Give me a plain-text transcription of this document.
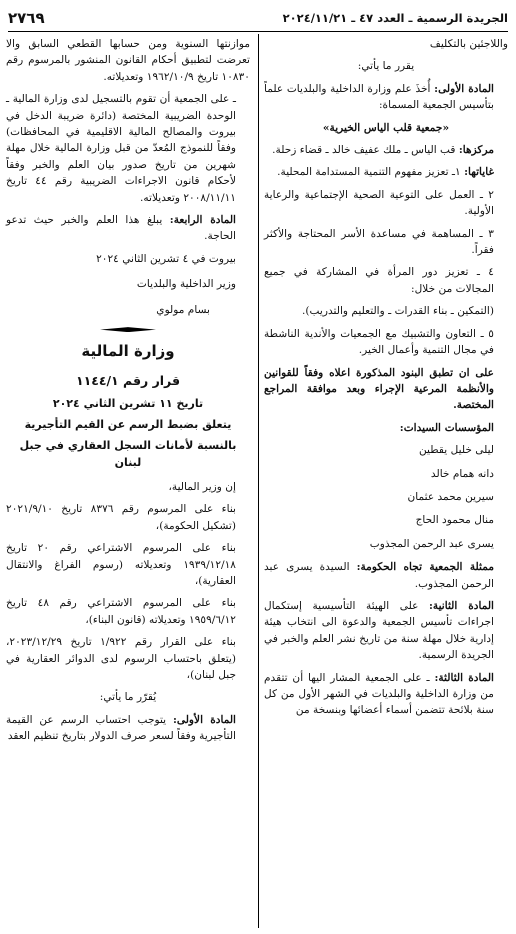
الجريدة الرسمية ـ العدد ٤٧ ـ ٢٠٢٤/١١/٢١
٢٧٦٩

واللاجئين بالتكليف

يقرر ما يأتي:

المادة الأولى: أُخذَ علم وزارة الداخلية والبلديات علماً بتأسيس الجمعية المسماة:

«جمعية قلب الياس الخيرية»

مركزها: قب الياس ـ ملك عفيف خالد ـ قضاء زحلة.

غاياتها: ١ـ تعزيز مفهوم التنمية المستدامة المحلية.

٢ ـ العمل على التوعية الصحية الإجتماعية والرعاية الأولية.

٣ ـ المساهمة في مساعدة الأسر المحتاجة والأكثر فقراً.

٤ ـ تعزيز دور المرأة في المشاركة في جميع المجالات من خلال:

(التمكين ـ بناء القدرات ـ والتعليم والتدريب).

٥ ـ التعاون والتشبيك مع الجمعيات والأندية الناشطة في مجال التنمية وأعمال الخير.

على ان تطبق البنود المذكورة اعلاه وفقاً للقوانين والأنظمة المرعية الإجراء وبعد موافقة المراجع المختصة.

المؤسسات السيدات:

ليلى خليل يقطين

دانه همام خالد

سيرين محمد عثمان

منال محمود الحاج

يسرى عبد الرحمن المجذوب

ممثلة الجمعية تجاه الحكومة: السيدة يسرى عبد الرحمن المجذوب.

المادة الثانية: على الهيئة التأسيسية إستكمال اجراءات تأسيس الجمعية والدعوة الى انتخاب هيئة إدارية خلال مهلة سنة من تاريخ نشر العلم والخبر في الجريدة الرسمية.

المادة الثالثة: ـ على الجمعية المشار اليها أن تتقدم من وزارة الداخلية والبلديات في الشهر الأول من كل سنة بلائحة تتضمن أسماء أعضائها وبنسخة من

موازنتها السنوية ومن حسابها القطعي السابق والا تعرضت لتطبيق أحكام القانون المنشور بالمرسوم رقم ١٠٨٣٠ تاريخ ١٩٦٢/١٠/٩ وتعديلاته.

ـ على الجمعية أن تقوم بالتسجيل لدى وزارة المالية ـ الوحدة الضريبية المختصة (دائرة ضريبة الدخل في بيروت والمصالح المالية الاقليمية في المحافظات) وفقاً للنموذج المُعدّ من قبل وزارة المالية خلال مهلة شهرين من تاريخ صدور بيان العلم والخبر وفقاً لأحكام قانون الاجراءات الضريبية رقم ٤٤ تاريخ ٢٠٠٨/١١/١١ وتعديلاته.

المادة الرابعة: يبلغ هذا العلم والخبر حيث تدعو الحاجة.

بيروت في ٤ تشرين الثاني ٢٠٢٤

وزير الداخلية والبلديات

بسام مولوي

وزارة المالية
قرار رقم ١١٤٤/١
تاريخ ١١ تشرين الثاني ٢٠٢٤
يتعلق بضبط الرسم عن القيم التأجيرية
بالنسبة لأمانات السجل العقاري في جبل لبنان

إن وزير المالية،

بناء على المرسوم رقم ٨٣٧٦ تاريخ ٢٠٢١/٩/١٠ (تشكيل الحكومة)،

بناء على المرسوم الاشتراعي رقم ٢٠ تاريخ ١٩٣٩/١٢/١٨ وتعديلاته (رسوم الفراغ والانتقال العقارية)،

بناء على المرسوم الاشتراعي رقم ٤٨ تاريخ ١٩٥٩/٦/١٢ وتعديلاته (قانون البناء)،

بناء على القرار رقم ١/٩٢٢ تاريخ ٢٠٢٣/١٢/٢٩، (يتعلق باحتساب الرسوم لدى الدوائر العقارية في جبل لبنان)،

يُقرّر ما يأتي:

المادة الأولى: يتوجب احتساب الرسم عن القيمة التأجيرية وفقاً لسعر صرف الدولار بتاريخ تنظيم العقد
